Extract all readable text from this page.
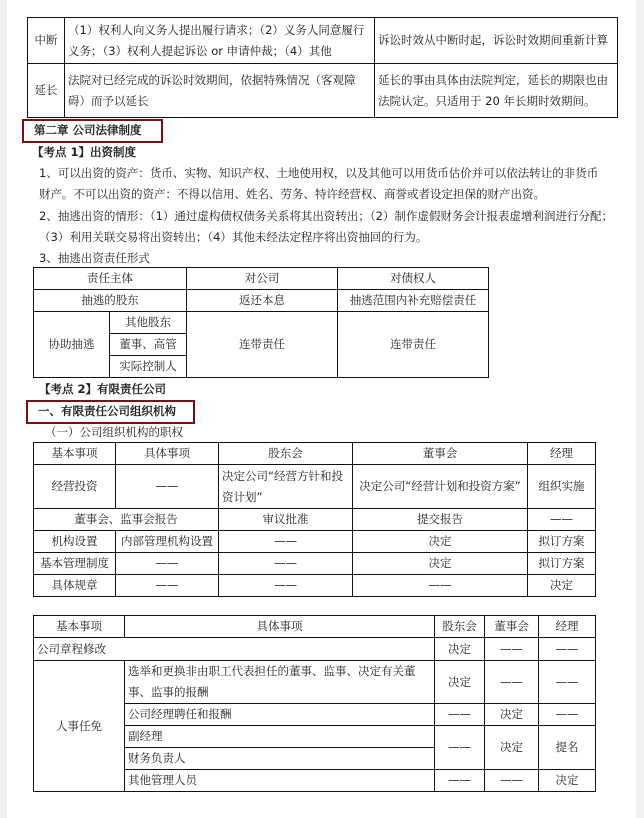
中断	（1）权利人向义务人提出履行请求；（2）义务人同意履行义务；（3）权利人提起诉讼 or 申请仲裁；（4）其他	诉讼时效从中断时起，诉讼时效期间重新计算
延长	法院对已经完成的诉讼时效期间，依据特殊情况（客观障碍）而予以延长	延长的事由具体由法院判定，延长的期限也由法院认定。只适用于 20 年长期时效期间。
第二章 公司法律制度
【考点 1】出资制度
1、可以出资的资产：货币、实物、知识产权、土地使用权，以及其他可以用货币估价并可以依法转让的非货币财产。不可以出资的资产：不得以信用、姓名、劳务、特许经营权、商誉或者设定担保的财产出资。
2、抽逃出资的情形：（1）通过虚构债权债务关系将其出资转出；（2）制作虚假财务会计报表虚增利润进行分配；（3）利用关联交易将出资转出；（4）其他未经法定程序将出资抽回的行为。
3、抽逃出资责任形式
责任主体		对公司	对债权人
抽逃的股东		返还本息	抽逃范围内补充赔偿责任
协助抽逃	其他股东	连带责任	连带责任
	董事、高管		
	实际控制人		
【考点 2】有限责任公司
一、有限责任公司组织机构
（一）公司组织机构的职权
基本事项	具体事项	股东会	董事会	经理
经营投资	——	决定公司“经营方针和投资计划”	决定公司“经营计划和投资方案”	组织实施
董事会、监事会报告		审议批准	提交报告	——
机构设置	内部管理机构设置	——	决定	拟订方案
基本管理制度	——	——	决定	拟订方案
具体规章	——	——	——	决定
基本事项	具体事项	股东会	董事会	经理
公司章程修改		决定	——	——
人事任免	选举和更换非由职工代表担任的董事、监事、决定有关董事、监事的报酬	决定	——	——
	公司经理聘任和报酬	——	决定	——
	副经理	——	决定	提名
	财务负责人			
	其他管理人员	——	——	决定
